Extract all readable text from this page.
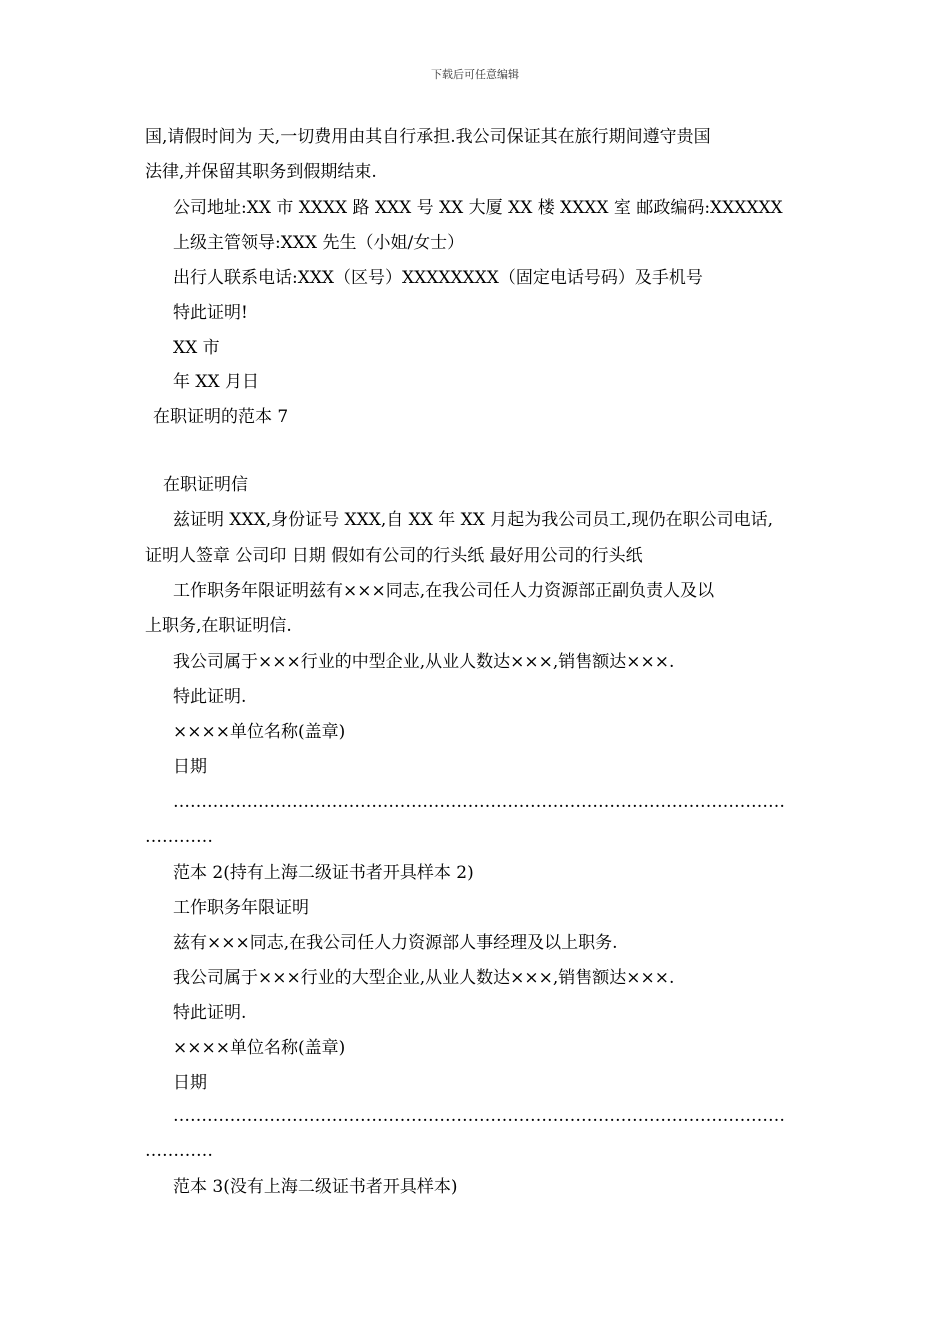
下载后可任意编辑
国,请假时间为 天,一切费用由其自行承担.我公司保证其在旅行期间遵守贵国
法律,并保留其职务到假期结束.
公司地址:XX 市 XXXX 路 XXX 号 XX 大厦 XX 楼 XXXX 室 邮政编码:XXXXXX
上级主管领导:XXX 先生（小姐/女士）
出行人联系电话:XXX（区号）XXXXXXXX（固定电话号码）及手机号
特此证明!
XX 市
年 XX 月日
在职证明的范本 7
在职证明信
兹证明 XXX,身份证号 XXX,自 XX 年 XX 月起为我公司员工,现仍在职公司电话,
证明人签章 公司印 日期 假如有公司的行头纸 最好用公司的行头纸
工作职务年限证明兹有×××同志,在我公司任人力资源部正副负责人及以
上职务,在职证明信.
我公司属于×××行业的中型企业,从业人数达×××,销售额达×××.
特此证明.
××××单位名称(盖章)
日期
………………………………………………………………………………………………
…………
范本 2(持有上海二级证书者开具样本 2)
工作职务年限证明
兹有×××同志,在我公司任人力资源部人事经理及以上职务.
我公司属于×××行业的大型企业,从业人数达×××,销售额达×××.
特此证明.
××××单位名称(盖章)
日期
………………………………………………………………………………………………
…………
范本 3(没有上海二级证书者开具样本)
